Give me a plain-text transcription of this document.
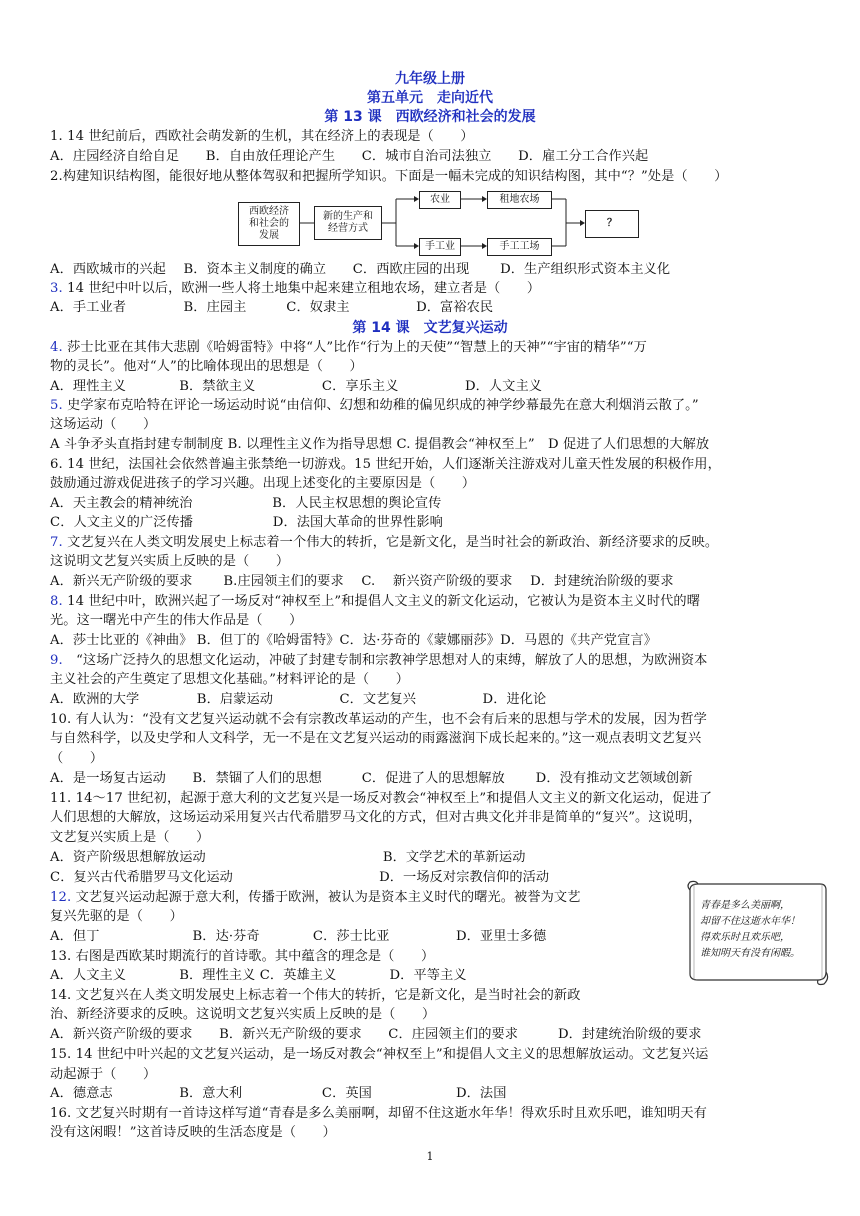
九年级上册
第五单元　走向近代
第 13 课　西欧经济和社会的发展
1. 14 世纪前后，西欧社会萌发新的生机，其在经济上的表现是（　　）
A．庄园经济自给自足　　B．自由放任理论产生　　C．城市自治司法独立　　D．雇工分工合作兴起
2.构建知识结构图，能很好地从整体驾驭和把握所学知识。下面是一幅未完成的知识结构图，其中“？”处是（　　）
西欧经济
和社会的
发展
新的生产和
经营方式
农业	租地农场
手工业	手工工场
？
A．西欧城市的兴起　 B．资本主义制度的确立　　C．西欧庄园的出现　　 D．生产组织形式资本主义化
3. 14 世纪中叶以后，欧洲一些人将土地集中起来建立租地农场，建立者是（　　）
A．手工业者　　　　 B．庄园主　　　C．奴隶主　　　　　D．富裕农民
第 14 课　文艺复兴运动
4. 莎士比亚在其伟大悲剧《哈姆雷特》中将“人”比作“行为上的天使”“智慧上的天神”“宇宙的精华”“万
物的灵长”。他对“人”的比喻体现出的思想是（　　）
A．理性主义　　　　B．禁欲主义　　　　　C．享乐主义　　　　　D．人文主义
5. 史学家布克哈特在评论一场运动时说“由信仰、幻想和幼稚的偏见织成的神学纱幕最先在意大利烟消云散了。”
这场运动（　　）
A 斗争矛头直指封建专制制度 B. 以理性主义作为指导思想 C. 提倡教会“神权至上”　D 促进了人们思想的大解放
6. 14 世纪，法国社会依然普遍主张禁绝一切游戏。15 世纪开始，人们逐渐关注游戏对儿童天性发展的积极作用，
鼓励通过游戏促进孩子的学习兴趣。出现上述变化的主要原因是（　　）
A．天主教会的精神统治　　　　　　B．人民主权思想的舆论宣传
C．人文主义的广泛传播　　　　　　D．法国大革命的世界性影响
7. 文艺复兴在人类文明发展史上标志着一个伟大的转折，它是新文化，是当时社会的新政治、新经济要求的反映。
这说明文艺复兴实质上反映的是（　　）
A．新兴无产阶级的要求　　 B.庄园领主们的要求　 C.　 新兴资产阶级的要求　 D．封建统治阶级的要求
8. 14 世纪中叶，欧洲兴起了一场反对“神权至上”和提倡人文主义的新文化运动，它被认为是资本主义时代的曙
光。这一曙光中产生的伟大作品是（　　）
A．莎士比亚的《神曲》 B．但丁的《哈姆雷特》C．达·芬奇的《蒙娜丽莎》D．马恩的《共产党宣言》
9.　“这场广泛持久的思想文化运动，冲破了封建专制和宗教神学思想对人的束缚，解放了人的思想，为欧洲资本
主义社会的产生奠定了思想文化基础。”材料评论的是（　　）
A．欧洲的大学　　　　 B．启蒙运动　　　　　C．文艺复兴　　　　　D．进化论
10. 有人认为：“没有文艺复兴运动就不会有宗教改革运动的产生，也不会有后来的思想与学术的发展，因为哲学
与自然科学，以及史学和人文科学，无一不是在文艺复兴运动的雨露滋润下成长起来的。”这一观点表明文艺复兴
（　　）
A．是一场复古运动　　B．禁锢了人们的思想　　　C．促进了人的思想解放　　 D．没有推动文艺领域创新
11. 14～17 世纪初，起源于意大利的文艺复兴是一场反对教会“神权至上”和提倡人文主义的新文化运动，促进了
人们思想的大解放，这场运动采用复兴古代希腊罗马文化的方式，但对古典文化并非是简单的“复兴”。这说明，
文艺复兴实质上是（　　）
A．资产阶级思想解放运动　　　　　　　　　　　　　 B．文学艺术的革新运动
C．复兴古代希腊罗马文化运动　　　　　　　　　　　D．一场反对宗教信仰的活动
12. 文艺复兴运动起源于意大利，传播于欧洲，被认为是资本主义时代的曙光。被誉为文艺
复兴先驱的是（　　）
A．但丁　　　　　　　B．达·芬奇　　　　C．莎士比亚　　　　　D．亚里士多德
13. 右图是西欧某时期流行的首诗歌。其中蕴含的理念是（　　）
A．人文主义　　　　B．理性主义 C．英雄主义　　　　D．平等主义
14. 文艺复兴在人类文明发展史上标志着一个伟大的转折，它是新文化，是当时社会的新政
治、新经济要求的反映。这说明文艺复兴实质上反映的是（　　）
A．新兴资产阶级的要求　　B．新兴无产阶级的要求　　C．庄园领主们的要求　　　D．封建统治阶级的要求
15. 14 世纪中叶兴起的文艺复兴运动，是一场反对教会“神权至上”和提倡人文主义的思想解放运动。文艺复兴运
动起源于（　　）
A．德意志　　　　　B．意大利　　　　　　C．英国　　　　　　 D．法国
16. 文艺复兴时期有一首诗这样写道“青春是多么美丽啊，却留不住这逝水年华！得欢乐时且欢乐吧，谁知明天有
没有这闲暇！”这首诗反映的生活态度是（　　）
青春是多么美丽啊，
却留不住这逝水年华！
得欢乐时且欢乐吧，
谁知明天有没有闲暇。
1
